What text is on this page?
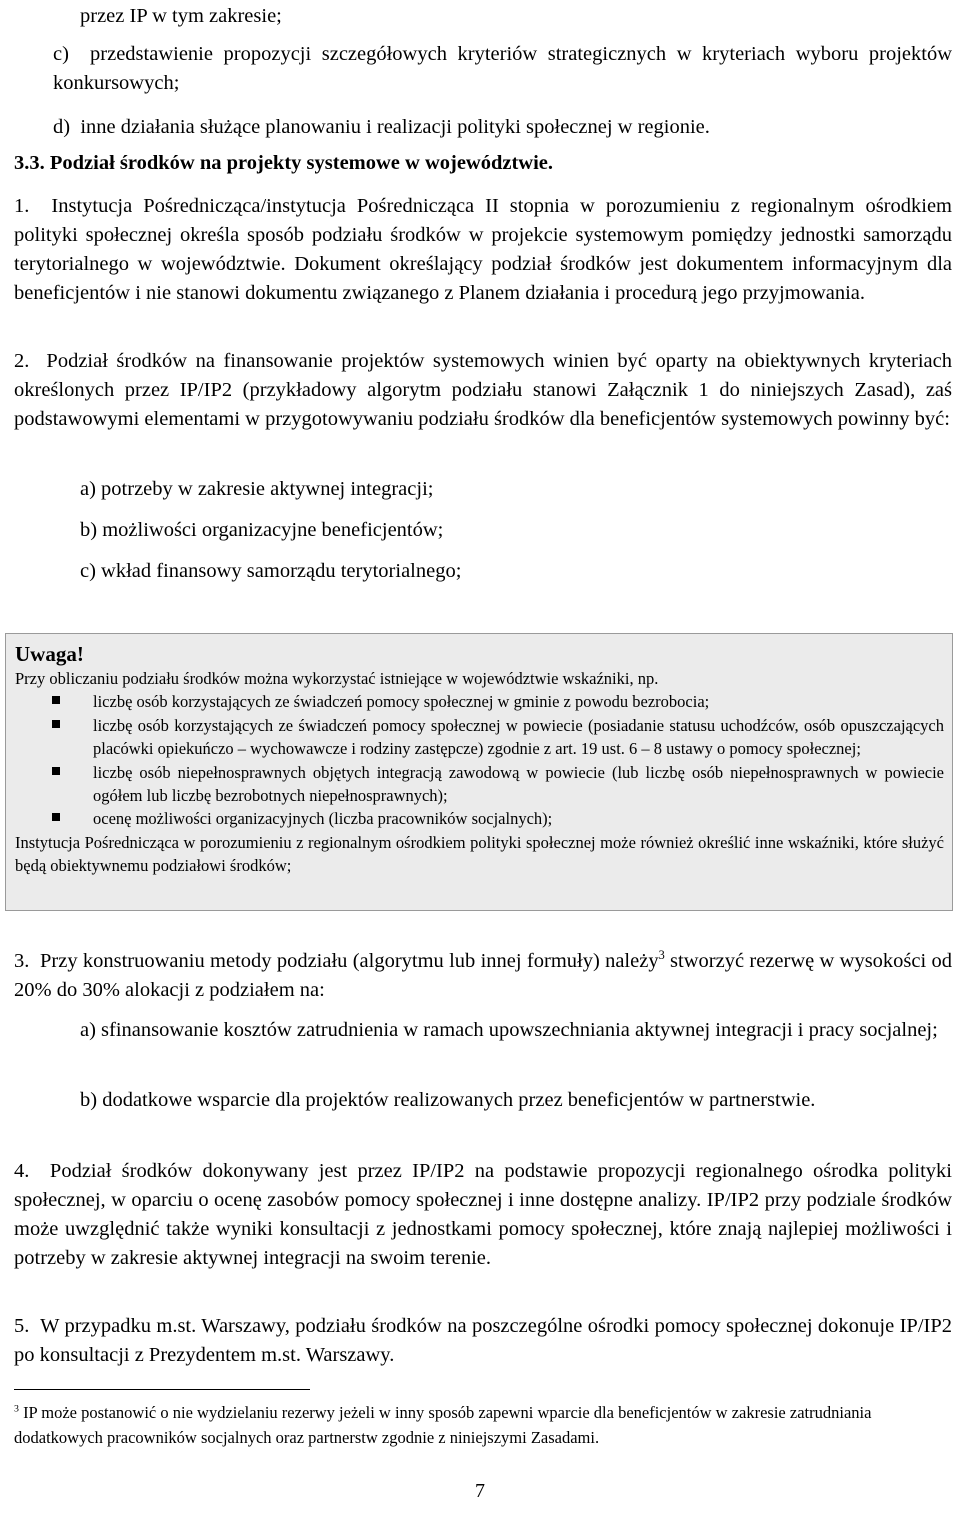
przez IP w tym zakresie;
c)  przedstawienie propozycji szczegółowych kryteriów strategicznych w kryteriach wyboru projektów konkursowych;
d)  inne działania służące planowaniu i realizacji polityki społecznej w regionie.
3.3. Podział środków na projekty systemowe w województwie.
1.  Instytucja Pośrednicząca/instytucja Pośrednicząca II stopnia w porozumieniu z regionalnym ośrodkiem polityki społecznej określa sposób podziału środków w projekcie systemowym pomiędzy jednostki samorządu terytorialnego w województwie. Dokument określający podział środków jest dokumentem informacyjnym dla beneficjentów i nie stanowi dokumentu związanego z Planem działania i procedurą jego przyjmowania.
2.  Podział środków na finansowanie projektów systemowych winien być oparty na obiektywnych kryteriach określonych przez IP/IP2 (przykładowy algorytm podziału stanowi Załącznik 1 do niniejszych Zasad), zaś podstawowymi elementami w przygotowywaniu podziału środków dla beneficjentów systemowych powinny być:
a) potrzeby w zakresie aktywnej integracji;
b) możliwości organizacyjne beneficjentów;
c) wkład finansowy samorządu terytorialnego;
Uwaga!
Przy obliczaniu podziału środków można wykorzystać istniejące w województwie wskaźniki, np.
liczbę osób korzystających ze świadczeń pomocy społecznej w gminie z powodu bezrobocia;
liczbę osób korzystających ze świadczeń pomocy społecznej w powiecie (posiadanie statusu uchodźców, osób opuszczających placówki opiekuńczo – wychowawcze i rodziny zastępcze) zgodnie z art. 19 ust. 6 – 8 ustawy o pomocy społecznej;
liczbę osób niepełnosprawnych objętych integracją zawodową w powiecie (lub liczbę osób niepełnosprawnych w powiecie ogółem lub liczbę bezrobotnych niepełnosprawnych);
ocenę możliwości organizacyjnych (liczba pracowników socjalnych);
Instytucja Pośrednicząca w porozumieniu z regionalnym ośrodkiem polityki społecznej może również określić inne wskaźniki, które służyć będą obiektywnemu podziałowi środków;
3.  Przy konstruowaniu metody podziału (algorytmu lub innej formuły) należy$^3$ stworzyć rezerwę w wysokości od 20% do 30% alokacji z podziałem na:
a) sfinansowanie kosztów zatrudnienia w ramach upowszechniania aktywnej integracji i pracy socjalnej;
b) dodatkowe wsparcie dla projektów realizowanych przez beneficjentów w partnerstwie.
4.  Podział środków dokonywany jest przez IP/IP2 na podstawie propozycji regionalnego ośrodka polityki społecznej, w oparciu o ocenę zasobów pomocy społecznej i inne dostępne analizy. IP/IP2 przy podziale środków może uwzględnić także wyniki konsultacji z jednostkami pomocy społecznej, które znają najlepiej możliwości i potrzeby w zakresie aktywnej integracji na swoim terenie.
5.  W przypadku m.st. Warszawy, podziału środków na poszczególne ośrodki pomocy społecznej dokonuje IP/IP2 po konsultacji z Prezydentem m.st. Warszawy.
$^3$ IP może postanowić o nie wydzielaniu rezerwy jeżeli w inny sposób zapewni wparcie dla beneficjentów w zakresie zatrudniania dodatkowych pracowników socjalnych oraz partnerstw zgodnie z niniejszymi Zasadami.
7
